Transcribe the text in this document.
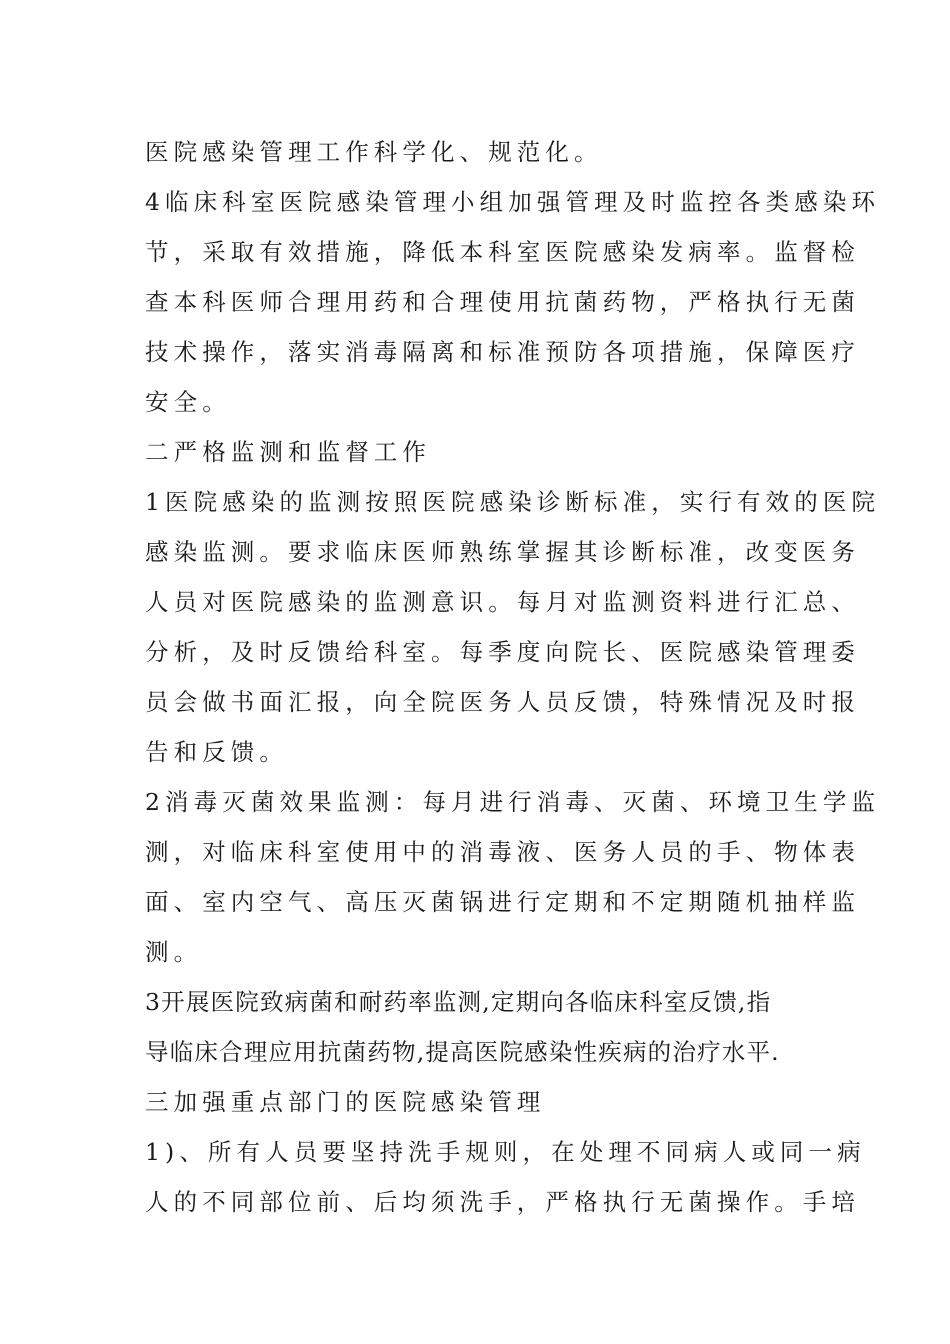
医院感染管理工作科学化、规范化。
4临床科室医院感染管理小组加强管理及时监控各类感染环
节，采取有效措施，降低本科室医院感染发病率。监督检
查本科医师合理用药和合理使用抗菌药物，严格执行无菌
技术操作，落实消毒隔离和标准预防各项措施，保障医疗
安全。
二严格监测和监督工作
1医院感染的监测按照医院感染诊断标准，实行有效的医院
感染监测。要求临床医师熟练掌握其诊断标准，改变医务
人员对医院感染的监测意识。每月对监测资料进行汇总、
分析，及时反馈给科室。每季度向院长、医院感染管理委
员会做书面汇报，向全院医务人员反馈，特殊情况及时报
告和反馈。
2消毒灭菌效果监测：每月进行消毒、灭菌、环境卫生学监
测，对临床科室使用中的消毒液、医务人员的手、物体表
面、室内空气、高压灭菌锅进行定期和不定期随机抽样监
测。
3开展医院致病菌和耐药率监测,定期向各临床科室反馈,指
导临床合理应用抗菌药物,提高医院感染性疾病的治疗水平.
三加强重点部门的医院感染管理
1)、所有人员要坚持洗手规则，在处理不同病人或同一病
人的不同部位前、后均须洗手，严格执行无菌操作。手培
